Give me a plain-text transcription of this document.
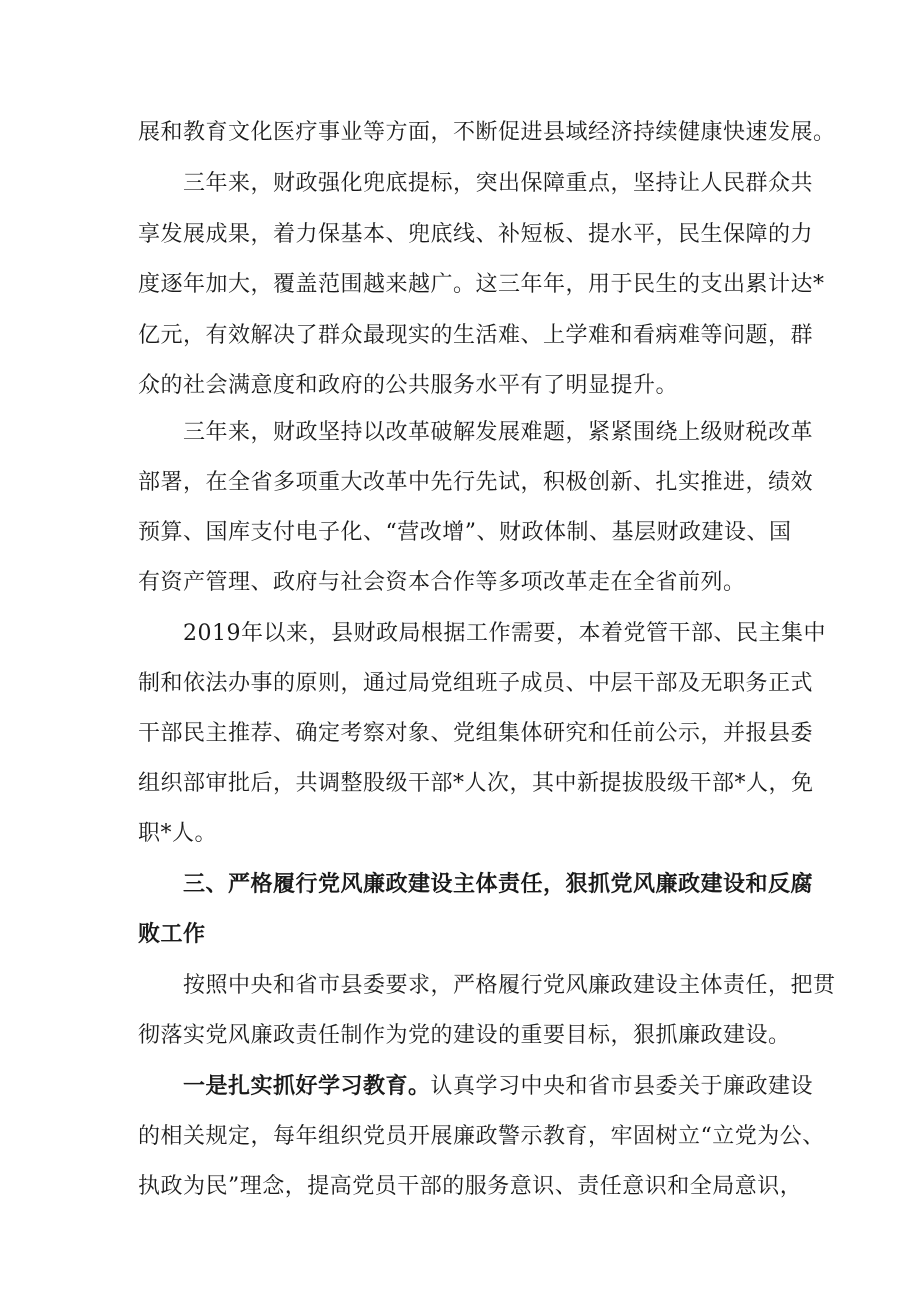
展和教育文化医疗事业等方面，不断促进县域经济持续健康快速发展。
三年来，财政强化兜底提标，突出保障重点，坚持让人民群众共
享发展成果，着力保基本、兜底线、补短板、提水平，民生保障的力
度逐年加大，覆盖范围越来越广。这三年年，用于民生的支出累计达*
亿元，有效解决了群众最现实的生活难、上学难和看病难等问题，群
众的社会满意度和政府的公共服务水平有了明显提升。
三年来，财政坚持以改革破解发展难题，紧紧围绕上级财税改革
部署，在全省多项重大改革中先行先试，积极创新、扎实推进，绩效
预算、国库支付电子化、“营改增”、财政体制、基层财政建设、国
有资产管理、政府与社会资本合作等多项改革走在全省前列。
2019年以来，县财政局根据工作需要，本着党管干部、民主集中
制和依法办事的原则，通过局党组班子成员、中层干部及无职务正式
干部民主推荐、确定考察对象、党组集体研究和任前公示，并报县委
组织部审批后，共调整股级干部*人次，其中新提拔股级干部*人，免
职*人。
三、严格履行党风廉政建设主体责任，狠抓党风廉政建设和反腐
败工作
按照中央和省市县委要求，严格履行党风廉政建设主体责任，把贯
彻落实党风廉政责任制作为党的建设的重要目标，狠抓廉政建设。
一是扎实抓好学习教育。认真学习中央和省市县委关于廉政建设
的相关规定，每年组织党员开展廉政警示教育，牢固树立“立党为公、
执政为民”理念，提高党员干部的服务意识、责任意识和全局意识，
